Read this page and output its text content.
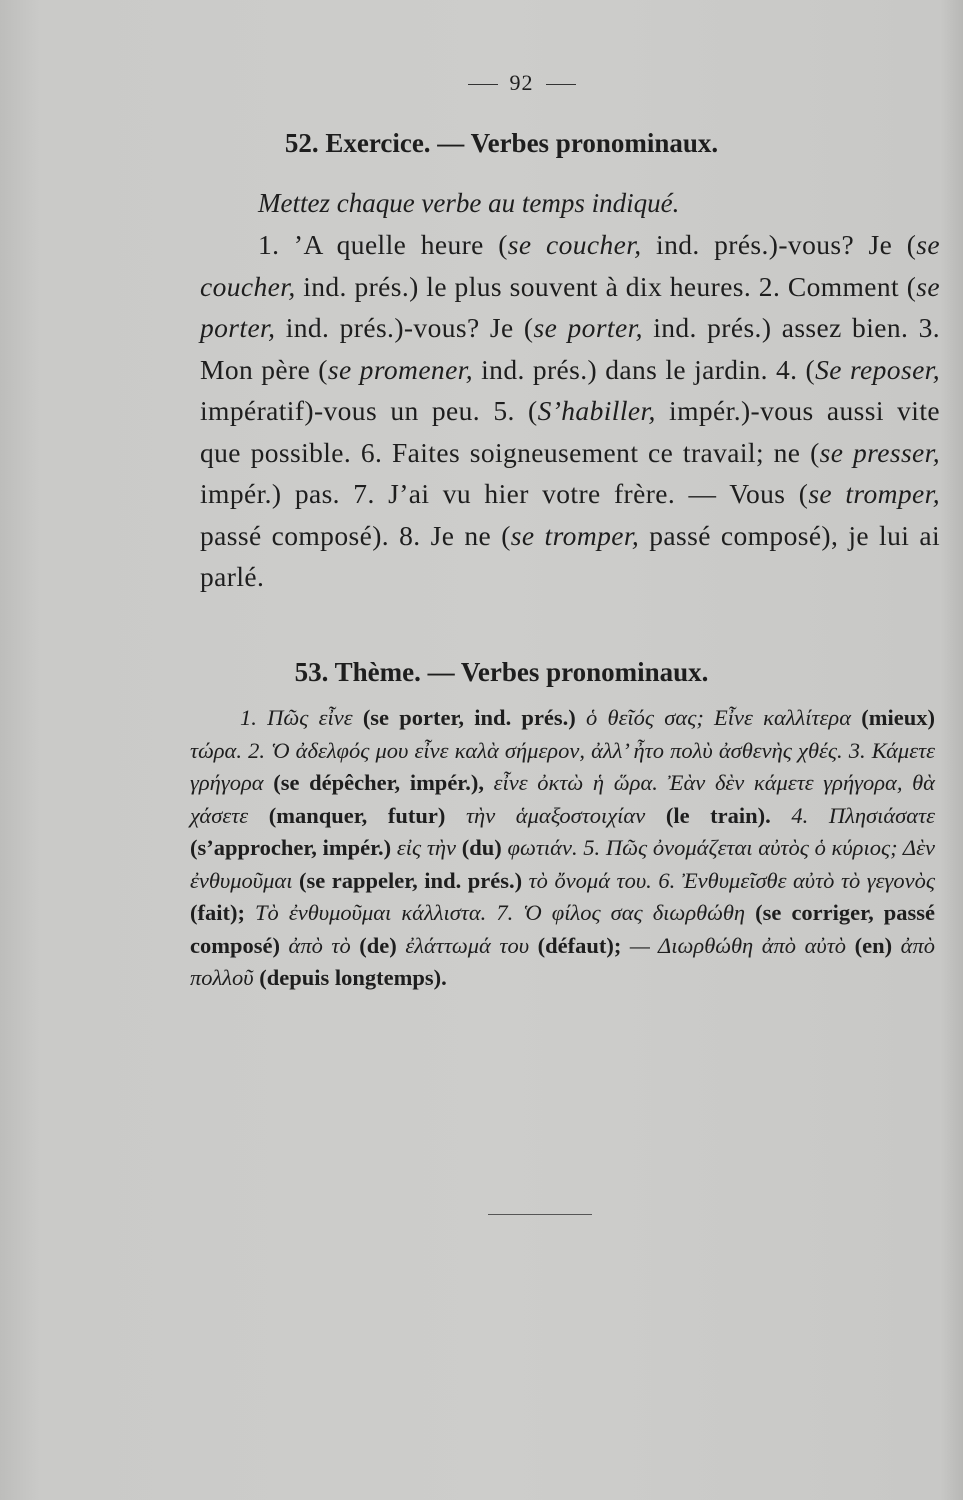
92
52. Exercice. — Verbes pronominaux.
Mettez chaque verbe au temps indiqué.
1. ’A quelle heure (se coucher, ind. prés.)-vous? Je (se coucher, ind. prés.) le plus souvent à dix heures. 2. Comment (se porter, ind. prés.)-vous? Je (se porter, ind. prés.) assez bien. 3. Mon père (se promener, ind. prés.) dans le jardin. 4. (Se reposer, impératif)-vous un peu. 5. (S’habiller, impér.)-vous aussi vite que possible. 6. Faites soigneusement ce travail; ne (se presser, impér.) pas. 7. J’ai vu hier votre frère. — Vous (se tromper, passé composé). 8. Je ne (se tromper, passé composé), je lui ai parlé.
53. Thème. — Verbes pronominaux.
1. Πῶς εἶνε (se porter, ind. prés.) ὁ θεῖός σας; Εἶνε καλλίτερα (mieux) τώρα. 2. Ὁ ἀδελφός μου εἶνε καλὰ σήμερον, ἀλλ’ ἦτο πολὺ ἀσθενὴς χθές. 3. Κάμετε γρήγορα (se dépêcher, impér.), εἶνε ὀκτὼ ἡ ὥρα. Ἐὰν δὲν κάμετε γρήγορα, θὰ χάσετε (manquer, futur) τὴν ἁμαξοστοιχίαν (le train). 4. Πλησιάσατε (s’approcher, impér.) εἰς τὴν (du) φωτιάν. 5. Πῶς ὀνομάζεται αὐτὸς ὁ κύριος; Δὲν ἐνθυμοῦμαι (se rappeler, ind. prés.) τὸ ὄνομά του. 6. Ἐνθυμεῖσθε αὐτὸ τὸ γεγονὸς (fait); Τὸ ἐνθυμοῦμαι κάλλιστα. 7. Ὁ φίλος σας διωρθώθη (se corriger, passé composé) ἀπὸ τὸ (de) ἐλάττωμά του (défaut); — Διωρθώθη ἀπὸ αὐτὸ (en) ἀπὸ πολλοῦ (depuis longtemps).
